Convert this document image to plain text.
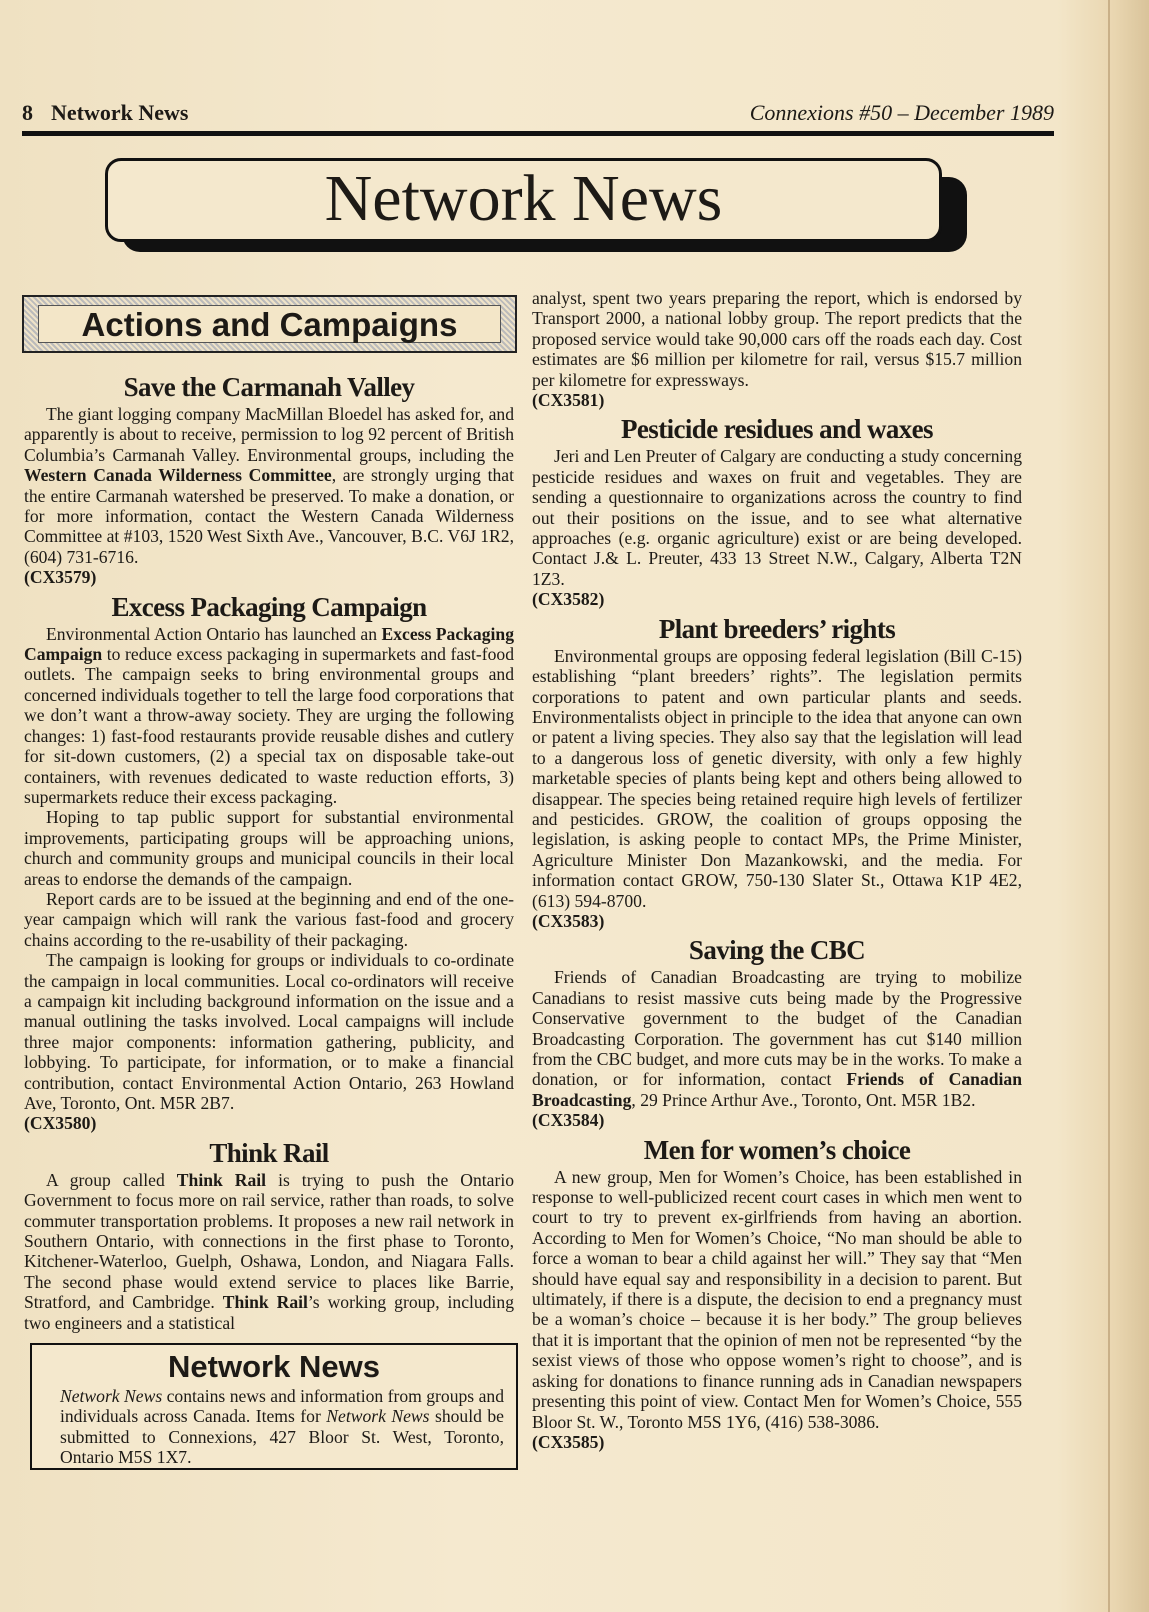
8 Network News	Connexions #50 – December 1989
Network News
Actions and Campaigns
Save the Carmanah Valley

The giant logging company MacMillan Bloedel has asked for, and apparently is about to receive, permission to log 92 percent of British Columbia’s Carmanah Valley. Environmental groups, including the Western Canada Wilderness Committee, are strongly urging that the entire Carmanah watershed be preserved. To make a donation, or for more information, contact the Western Canada Wilderness Committee at #103, 1520 West Sixth Ave., Vancouver, B.C. V6J 1R2, (604) 731-6716.

(CX3579)
Excess Packaging Campaign

Environmental Action Ontario has launched an Excess Packaging Campaign to reduce excess packaging in supermarkets and fast-food outlets. The campaign seeks to bring environmental groups and concerned individuals together to tell the large food corporations that we don’t want a throw-away society. They are urging the following changes: 1) fast-food restaurants provide reusable dishes and cutlery for sit-down customers, (2) a special tax on disposable take-out containers, with revenues dedicated to waste reduction efforts, 3) supermarkets reduce their excess packaging.

Hoping to tap public support for substantial environmental improvements, participating groups will be approaching unions, church and community groups and municipal councils in their local areas to endorse the demands of the campaign.

Report cards are to be issued at the beginning and end of the one-year campaign which will rank the various fast-food and grocery chains according to the re-usability of their packaging.

The campaign is looking for groups or individuals to co-ordinate the campaign in local communities. Local co-ordinators will receive a campaign kit including background information on the issue and a manual outlining the tasks involved. Local campaigns will include three major components: information gathering, publicity, and lobbying. To participate, for information, or to make a financial contribution, contact Environmental Action Ontario, 263 Howland Ave, Toronto, Ont. M5R 2B7.

(CX3580)
Think Rail

A group called Think Rail is trying to push the Ontario Government to focus more on rail service, rather than roads, to solve commuter transportation problems. It proposes a new rail network in Southern Ontario, with connections in the first phase to Toronto, Kitchener-Waterloo, Guelph, Oshawa, London, and Niagara Falls. The second phase would extend service to places like Barrie, Stratford, and Cambridge. Think Rail’s working group, including two engineers and a statistical

Network News
Network News contains news and information from groups and individuals across Canada. Items for Network News should be submitted to Connexions, 427 Bloor St. West, Toronto, Ontario M5S 1X7.

analyst, spent two years preparing the report, which is endorsed by Transport 2000, a national lobby group. The report predicts that the proposed service would take 90,000 cars off the roads each day. Cost estimates are $6 million per kilometre for rail, versus $15.7 million per kilometre for expressways.

(CX3581)
Pesticide residues and waxes

Jeri and Len Preuter of Calgary are conducting a study concerning pesticide residues and waxes on fruit and vegetables. They are sending a questionnaire to organizations across the country to find out their positions on the issue, and to see what alternative approaches (e.g. organic agriculture) exist or are being developed. Contact J.& L. Preuter, 433 13 Street N.W., Calgary, Alberta T2N 1Z3.

(CX3582)
Plant breeders’ rights

Environmental groups are opposing federal legislation (Bill C-15) establishing “plant breeders’ rights”. The legislation permits corporations to patent and own particular plants and seeds. Environmentalists object in principle to the idea that anyone can own or patent a living species. They also say that the legislation will lead to a dangerous loss of genetic diversity, with only a few highly marketable species of plants being kept and others being allowed to disappear. The species being retained require high levels of fertilizer and pesticides. GROW, the coalition of groups opposing the legislation, is asking people to contact MPs, the Prime Minister, Agriculture Minister Don Mazankowski, and the media. For information contact GROW, 750-130 Slater St., Ottawa K1P 4E2, (613) 594-8700.

(CX3583)
Saving the CBC

Friends of Canadian Broadcasting are trying to mobilize Canadians to resist massive cuts being made by the Progressive Conservative government to the budget of the Canadian Broadcasting Corporation. The government has cut $140 million from the CBC budget, and more cuts may be in the works. To make a donation, or for information, contact Friends of Canadian Broadcasting, 29 Prince Arthur Ave., Toronto, Ont. M5R 1B2.

(CX3584)
Men for women’s choice

A new group, Men for Women’s Choice, has been established in response to well-publicized recent court cases in which men went to court to try to prevent ex-girlfriends from having an abortion. According to Men for Women’s Choice, “No man should be able to force a woman to bear a child against her will.” They say that “Men should have equal say and responsibility in a decision to parent. But ultimately, if there is a dispute, the decision to end a pregnancy must be a woman’s choice – because it is her body.” The group believes that it is important that the opinion of men not be represented “by the sexist views of those who oppose women’s right to choose”, and is asking for donations to finance running ads in Canadian newspapers presenting this point of view. Contact Men for Women’s Choice, 555 Bloor St. W., Toronto M5S 1Y6, (416) 538-3086.

(CX3585)
